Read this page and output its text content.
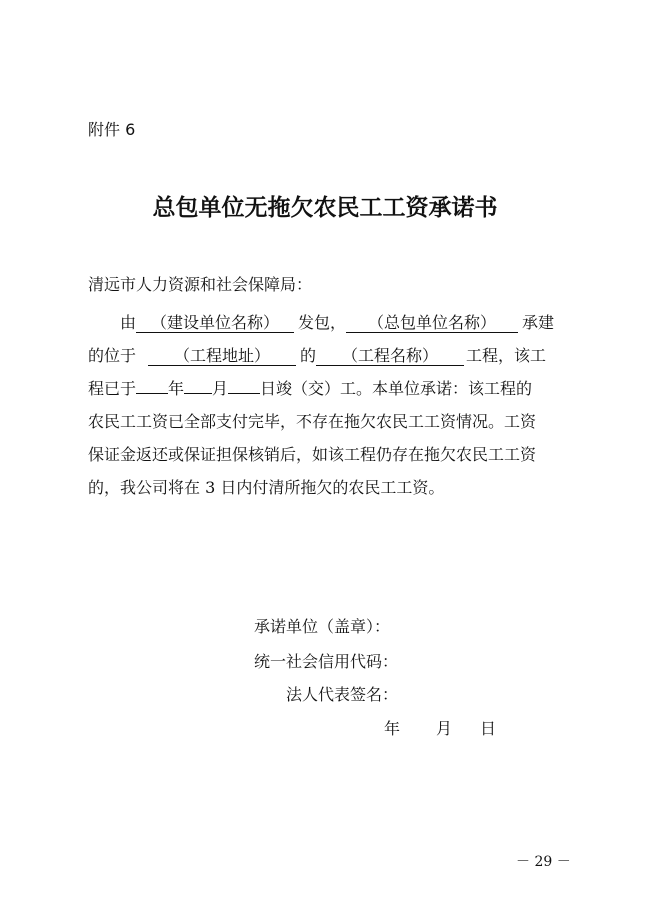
附件 6
总包单位无拖欠农民工工资承诺书
清远市人力资源和社会保障局：
由 （建设单位名称） 发包， （总包单位名称） 承建
的位于 （工程地址） 的 （工程名称） 工程，该工
程已于 年 月 日竣（交）工。本单位承诺：该工程的
农民工工资已全部支付完毕，不存在拖欠农民工工资情况。工资
保证金返还或保证担保核销后，如该工程仍存在拖欠农民工工资
的，我公司将在 3 日内付清所拖欠的农民工工资。
承诺单位（盖章）：
统一社会信用代码：
法人代表签名：
年 月 日
－ 29 －
